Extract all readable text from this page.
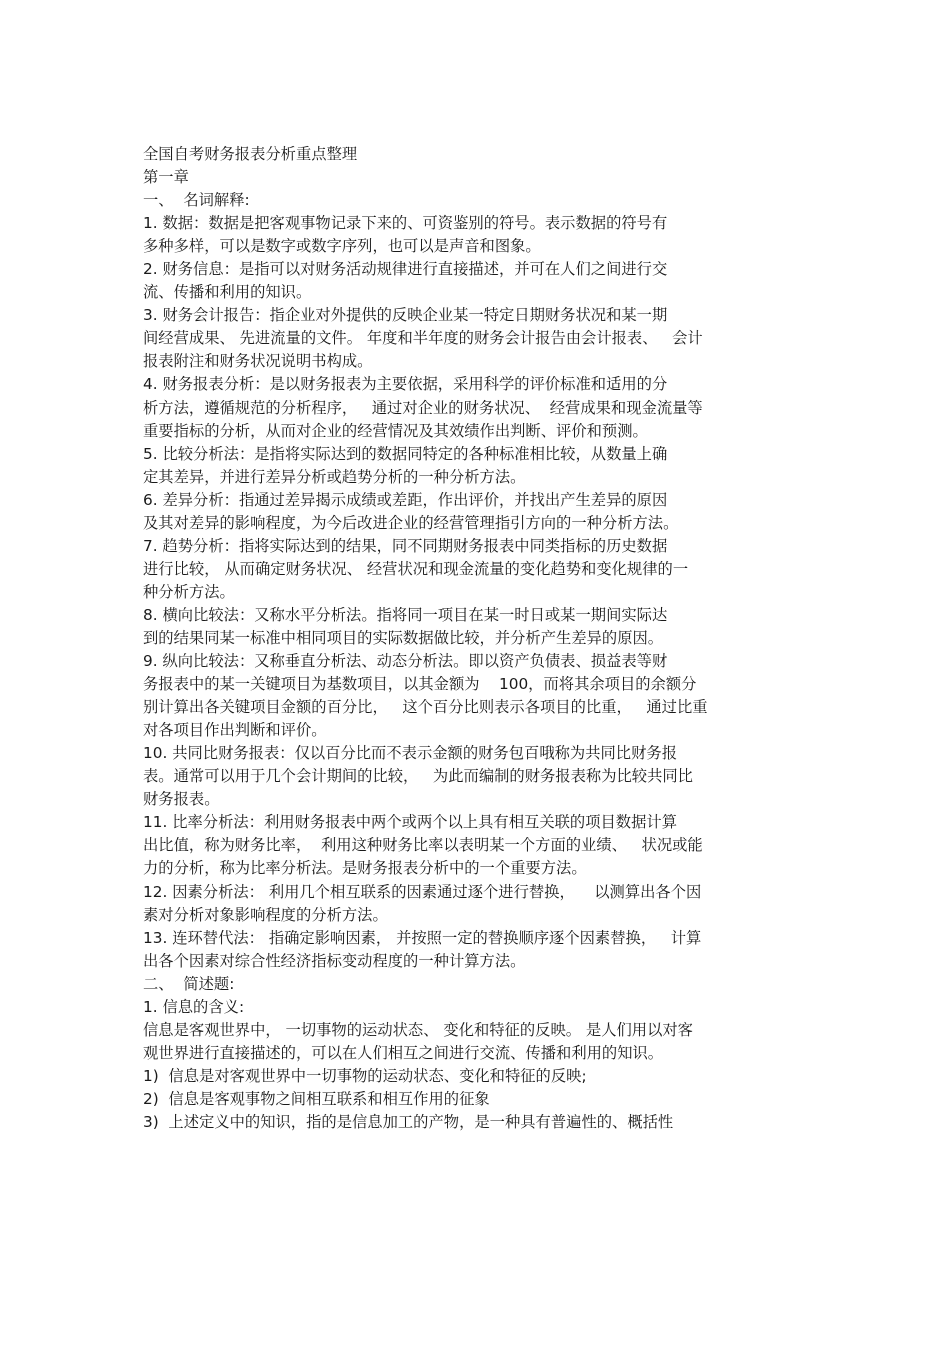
全国自考财务报表分析重点整理
第一章
一、  名词解释:
1. 数据：数据是把客观事物记录下来的、可资鉴别的符号。表示数据的符号有
多种多样，可以是数字或数字序列，也可以是声音和图象。
2. 财务信息：是指可以对财务活动规律进行直接描述，并可在人们之间进行交
流、传播和利用的知识。
3. 财务会计报告：指企业对外提供的反映企业某一特定日期财务状况和某一期
间经营成果、 先进流量的文件。 年度和半年度的财务会计报告由会计报表、   会计
报表附注和财务状况说明书构成。
4. 财务报表分析：是以财务报表为主要依据，采用科学的评价标准和适用的分
析方法，遵循规范的分析程序，   通过对企业的财务状况、  经营成果和现金流量等
重要指标的分析，从而对企业的经营情况及其效绩作出判断、评价和预测。
5. 比较分析法：是指将实际达到的数据同特定的各种标准相比较，从数量上确
定其差异，并进行差异分析或趋势分析的一种分析方法。
6. 差异分析：指通过差异揭示成绩或差距，作出评价，并找出产生差异的原因
及其对差异的影响程度，为今后改进企业的经营管理指引方向的一种分析方法。
7. 趋势分析：指将实际达到的结果，同不同期财务报表中同类指标的历史数据
进行比较， 从而确定财务状况、 经营状况和现金流量的变化趋势和变化规律的一
种分析方法。
8. 横向比较法：又称水平分析法。指将同一项目在某一时日或某一期间实际达
到的结果同某一标准中相同项目的实际数据做比较，并分析产生差异的原因。
9. 纵向比较法：又称垂直分析法、动态分析法。即以资产负债表、损益表等财
务报表中的某一关键项目为基数项目，以其金额为    100，而将其余项目的余额分
别计算出各关键项目金额的百分比，   这个百分比则表示各项目的比重，   通过比重
对各项目作出判断和评价。
10. 共同比财务报表：仅以百分比而不表示金额的财务包百哦称为共同比财务报
表。通常可以用于几个会计期间的比较，   为此而编制的财务报表称为比较共同比
财务报表。
11. 比率分析法：利用财务报表中两个或两个以上具有相互关联的项目数据计算
出比值，称为财务比率，  利用这种财务比率以表明某一个方面的业绩、   状况或能
力的分析，称为比率分析法。是财务报表分析中的一个重要方法。
12. 因素分析法： 利用几个相互联系的因素通过逐个进行替换，    以测算出各个因
素对分析对象影响程度的分析方法。
13. 连环替代法： 指确定影响因素， 并按照一定的替换顺序逐个因素替换，   计算
出各个因素对综合性经济指标变动程度的一种计算方法。
二、  简述题:
1. 信息的含义:
信息是客观世界中， 一切事物的运动状态、 变化和特征的反映。 是人们用以对客
观世界进行直接描述的，可以在人们相互之间进行交流、传播和利用的知识。
1)  信息是对客观世界中一切事物的运动状态、变化和特征的反映;
2)  信息是客观事物之间相互联系和相互作用的征象
3)  上述定义中的知识，指的是信息加工的产物，是一种具有普遍性的、概括性
